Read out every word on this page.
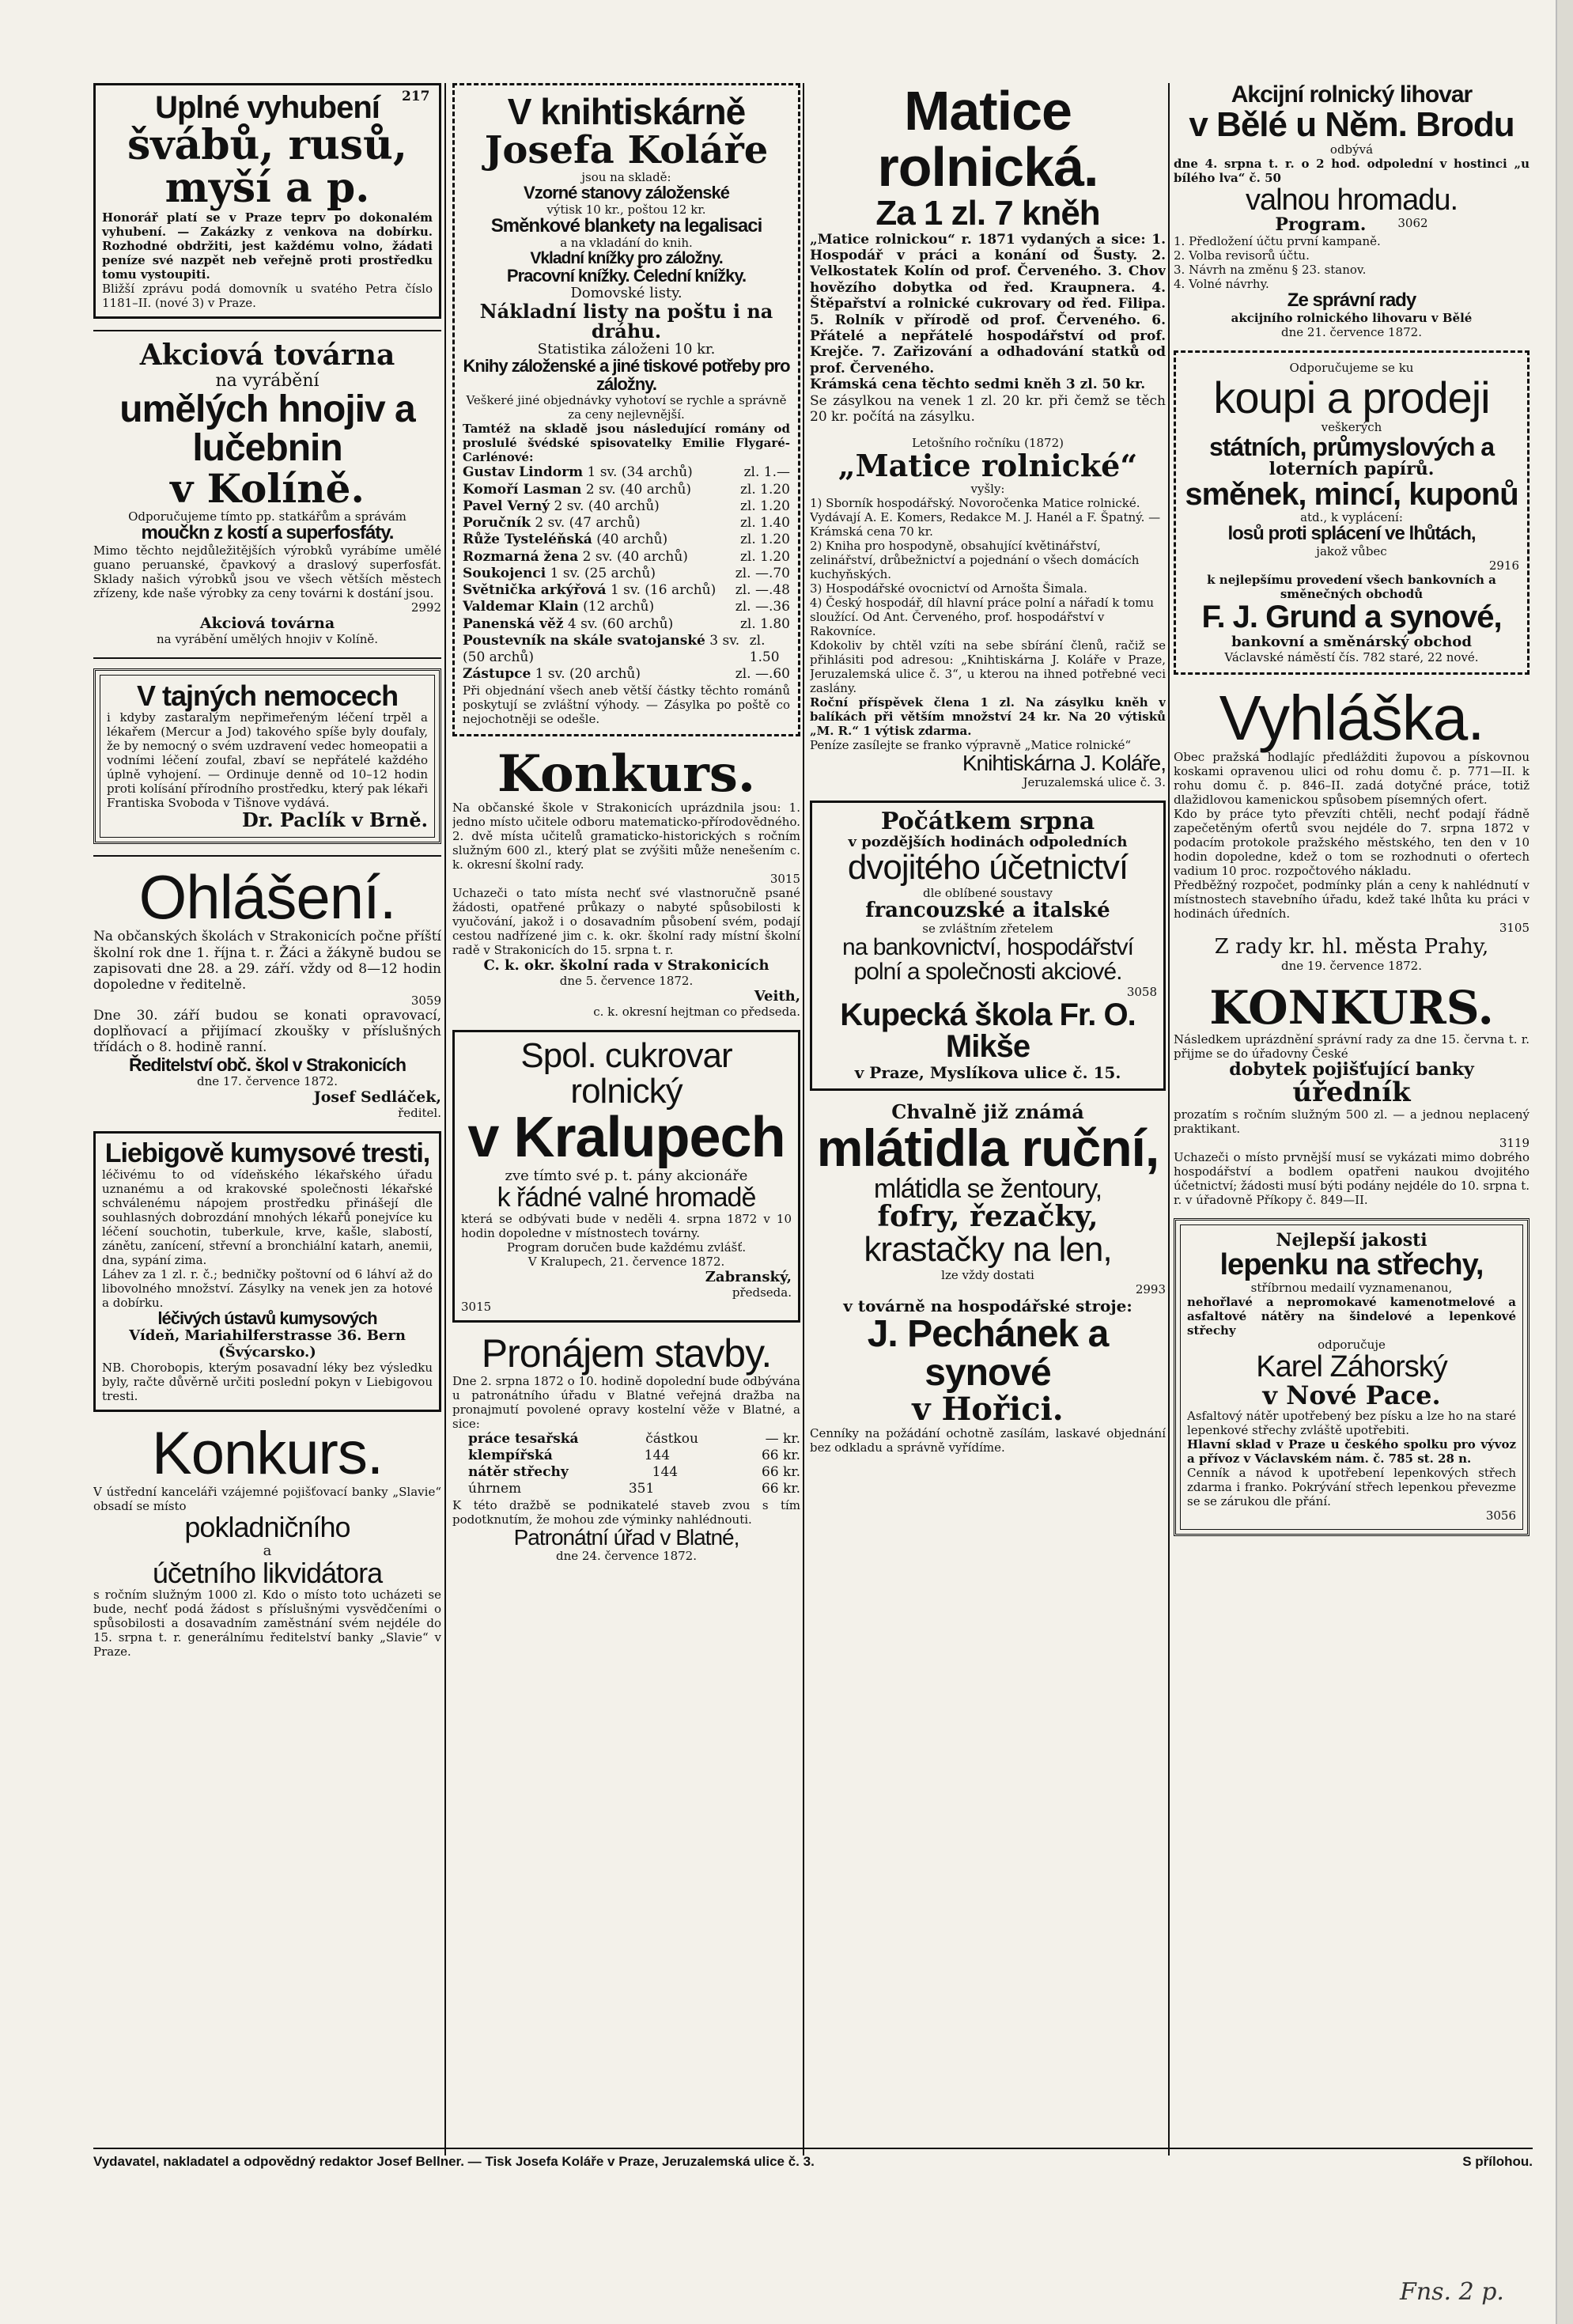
217
Uplné vyhubení
švábů, rusů,
myší a p.
Honorář platí se v Praze teprv po dokonalém vyhubení. — Zakázky z venkova na dobírku. Rozhodné obdržiti, jest každému volno, žádati peníze své nazpět neb veřejně proti prostředku tomu vystoupiti.
Bližší zprávu podá domovník u svatého Petra číslo 1181–II. (nové 3) v Praze.
Akciová továrna
na vyrábění
umělých hnojiv a lučebnin
v Kolíně.
Odporučujeme tímto pp. statkářům a správám
moučkn z kostí a superfosfáty.
Mimo těchto nejdůležitějších výrobků vyrábíme umělé guano peruanské, čpavkový a draslový superfosfát. Sklady našich výrobků jsou ve všech větších městech zřízeny, kde naše výrobky za ceny továrni k dostání jsou.
2992
Akciová továrna
na vyrábění umělých hnojiv v Kolíně.
V tajných nemocech
i kdyby zastaralým nepřimeřeným léčení trpěl a lékařem (Mercur a Jod) takového spíše byly doufaly, že by nemocný o svém uzdravení vedec homeopatii a vodními léčení zoufal, zbaví se nepřátelé každého úplně vyhojení. — Ordinuje denně od 10–12 hodin proti kolísání přírodního prostředku, který pak lékaři Frantiska Svoboda v Tišnove vydává.
Dr. Paclík v Brně.
Ohlášení.
Na občanských školách v Strakonicích počne příští školní rok dne 1. října t. r. Žáci a žákyně budou se zapisovati dne 28. a 29. září. vždy od 8—12 hodin dopoledne v ředitelně.
3059
Dne 30. září budou se konati opravovací, doplňovací a přijímací zkoušky v příslušných třídách o 8. hodině ranní.
Ředitelství obč. škol v Strakonicích
dne 17. července 1872.
Josef Sedláček,
ředitel.
Liebigově kumysové tresti,
léčivému to od vídeňského lékařského úřadu uznanému a od krakovské společnosti lékařské schválenému nápojem prostředku přinášejí dle souhlasných dobrozdání mnohých lékařů ponejvíce ku léčení souchotin, tuberkule, krve, kašle, slabostí, zánětu, zanícení, střevní a bronchiální katarh, anemii, dna, sypání zima.
Láhev za 1 zl. r. č.; bedničky poštovní od 6 láhví až do libovolného množství. Zásylky na venek jen za hotové a dobírku.
léčivých ústavů kumysových
Vídeň, Mariahilferstrasse 36. Bern (Švýcarsko.)
NB. Chorobopis, kterým posavadní léky bez výsledku byly, račte důvěrně určiti poslední pokyn v Liebigovou tresti.
Konkurs.
V ústřední kanceláři vzájemné pojišťovací banky „Slavie“ obsadí se místo
pokladničního
a
účetního likvidátora
s ročním služným 1000 zl. Kdo o místo toto ucházeti se bude, nechť podá žádost s příslušnými vysvědčeními o spůsobilosti a dosavadním zaměstnání svém nejdéle do 15. srpna t. r. generálnímu ředitelství banky „Slavie“ v Praze.
V knihtiskárně
Josefa Koláře
jsou na skladě:
Vzorné stanovy záloženské
výtisk 10 kr., poštou 12 kr.
Směnkové blankety na legalisaci
a na vkladání do knih.
Vkladní knížky pro záložny.
Pracovní knížky. Čelední knížky.
Domovské listy.
Nákladní listy na poštu i na dráhu.
Statistika záloženi 10 kr.
Knihy záloženské a jiné tiskové potřeby pro záložny.
Veškeré jiné objednávky vyhotoví se rychle a správně za ceny nejlevnější.
Tamtéž na skladě jsou následující romány od proslulé švédské spisovatelky Emilie Flygaré-Carlénové:
Gustav Lindorm 1 sv. (34 archů)	zl. 1.—
Komoří Lasman 2 sv. (40 archů)	zl. 1.20
Pavel Verný 2 sv. (40 archů)	zl. 1.20
Poručník 2 sv. (47 archů)	zl. 1.40
Růže Tysteléňská (40 archů)	zl. 1.20
Rozmarná žena 2 sv. (40 archů)	zl. 1.20
Soukojenci 1 sv. (25 archů)	zl. —.70
Světnička arkýřová 1 sv. (16 archů) zl. —.48
Valdemar Klain (12 archů)	zl. —.36
Panenská věž 4 sv. (60 archů)	zl. 1.80
Poustevník na skále svatojanské 3 sv. (50 archů)
zl. 1.50
Zástupce 1 sv. (20 archů)	zl. —.60
Při objednání všech aneb větší částky těchto románů poskytují se zvláštní výhody. — Zásylka po poště co nejochotněji se odešle.
Konkurs.
Na občanské škole v Strakonicích uprázdnila jsou: 1. jedno místo učitele odboru matematicko-přírodovědného. 2. dvě místa učitelů gramaticko-historických s ročním služným 600 zl., který plat se zvýšiti může nenešením c. k. okresní školní rady.
3015
Uchazeči o tato místa nechť své vlastnoručně psané žádosti, opatřené průkazy o nabyté spůsobilosti k vyučování, jakož i o dosavadním působení svém, podají cestou nadřízené jim c. k. okr. školní rady místní školní radě v Strakonicích do 15. srpna t. r.
C. k. okr. školní rada v Strakonicích
dne 5. července 1872.
Veith,
c. k. okresní hejtman co předseda.
Spol. cukrovar rolnický
v Kralupech
zve tímto své p. t. pány akcionáře
k řádné valné hromadě
která se odbývati bude v neděli 4. srpna 1872 v 10 hodin dopoledne v místnostech továrny.
Program doručen bude každému zvlášť.
V Kralupech, 21. července 1872.
Zabranský,
předseda.
3015
Pronájem stavby.
Dne 2. srpna 1872 o 10. hodině dopolední bude odbývána u patronátního úřadu v Blatné veřejná dražba na pronajmutí povolené opravy kostelní věže v Blatné, a sice:
práce tesařská	částkou	— kr.
klempířská	144	66 kr.
nátěr střechy	144	66 kr.
úhrnem	351	66 kr.
K této dražbě se podnikatelé staveb zvou s tím podotknutím, že mohou zde výminky nahlédnouti.
Patronátní úřad v Blatné,
dne 24. července 1872.
Matice rolnická.
Za 1 zl. 7 kněh
„Matice rolnickou“ r. 1871 vydaných a sice: 1. Hospodář v práci a konání od Šusty. 2. Velkostatek Kolín od prof. Červeného. 3. Chov hovězího dobytka od řed. Kraupnera. 4. Štěpařství a rolnické cukrovary od řed. Filipa. 5. Rolník v přírodě od prof. Červeného. 6. Přátelé a nepřátelé hospodářství od prof. Krejče. 7. Zařizování a odhadování statků od prof. Červeného.
Krámská cena těchto sedmi kněh 3 zl. 50 kr.
Se zásylkou na venek 1 zl. 20 kr. při čemž se těch 20 kr. počítá na zásylku.
Letošního ročníku (1872)
„Matice rolnické“
vyšly:
1) Sborník hospodářský. Novoročenka Matice rolnické. Vydávají A. E. Komers, Redakce M. J. Hanél a F. Špatný. — Krámská cena 70 kr.
2) Kniha pro hospodyně, obsahující květinářství, zelinářství, drůbežnictví a pojednání o všech domácích kuchyňských.
3) Hospodářské ovocnictví od Arnošta Šimala.
4) Český hospodář, díl hlavní práce polní a nářadí k tomu sloužící. Od Ant. Červeného, prof. hospodářství v Rakovníce.
Kdokoliv by chtěl vzíti na sebe sbírání členů, račiž se přihlásiti pod adresou: „Knihtiskárna J. Koláře v Praze, Jeruzalemská ulice č. 3“, u kterou na ihned potřebné veci zaslány.
Roční příspěvek člena 1 zl. Na zásylku kněh v balíkách při větším množství 24 kr. Na 20 výtisků „M. R.“ 1 výtisk zdarma.
Peníze zasílejte se franko výpravně „Matice rolnické“
Knihtiskárna J. Koláře,
Jeruzalemská ulice č. 3.
Počátkem srpna
v pozdějších hodinách odpoledních
dvojitého účetnictví
dle oblíbené soustavy
francouzské a italské
se zvláštním zřetelem
na bankovnictví, hospodářství polní a společnosti akciové.
3058
Kupecká škola Fr. O. Mikše
v Praze, Myslíkova ulice č. 15.
Chvalně již známá
mlátidla ruční,
mlátidla se žentoury,
fofry, řezačky,
krastačky na len,
lze vždy dostati
2993
v továrně na hospodářské stroje:
J. Pechánek a synové
v Hořici.
Cenníky na požádání ochotně zasílám, laskavé objednání bez odkladu a správně vyřídíme.
Akcijní rolnický lihovar
v Bělé u Něm. Brodu
odbývá
dne 4. srpna t. r. o 2 hod. odpolední v hostinci „u bílého lva“ č. 50
valnou hromadu.
Program.	3062
1. Předložení účtu první kampaně.
2. Volba revisorů účtu.
3. Návrh na změnu § 23. stanov.
4. Volné návrhy.
Ze správní rady
akcijního rolnického lihovaru v Bělé
dne 21. července 1872.
Odporučujeme se ku
koupi a prodeji
veškerých
státních, průmyslových a
loterních papírů.
směnek, mincí, kuponů
atd., k vyplácení:
losů proti splácení ve lhůtách,
jakož vůbec
2916
k nejlepšímu provedení všech bankovních a směnečných obchodů
F. J. Grund a synové,
bankovní a směnárský obchod
Václavské náměstí čís. 782 staré, 22 nové.
Vyhláška.
Obec pražská hodlajíc předlážditi župovou a pískovnou koskami opravenou ulici od rohu domu č. p. 771—II. k rohu domu č. p. 846–II. zadá dotyčné práce, totiž dlažidlovou kamenickou spůsobem písemných ofert.
Kdo by práce tyto převzíti chtěli, nechť podají řádně zapečetěným ofertů svou nejdéle do 7. srpna 1872 v podacím protokole pražského městského, ten den v 10 hodin dopoledne, kdež o tom se rozhodnuti o ofertech vadium 10 proc. rozpočtového nákladu.
Předběžný rozpočet, podmínky plán a ceny k nahlédnutí v místnostech stavebního úřadu, kdež také lhůta ku práci v hodinách úředních.
3105
Z rady kr. hl. města Prahy,
dne 19. července 1872.
KONKURS.
Následkem uprázdnění správní rady za dne 15. června t. r. přijme se do úřadovny České
dobytek pojišťující banky
úředník
prozatím s ročním služným 500 zl. — a jednou neplacený praktikant.
3119
Uchazeči o místo prvnější musí se vykázati mimo dobrého hospodářství a bodlem opatřeni naukou dvojitého účetnictví; žádosti musí býti podány nejdéle do 10. srpna t. r. v úřadovně Příkopy č. 849—II.
Nejlepší jakosti
lepenku na střechy,
stříbrnou medailí vyznamenanou,
nehořlavé a nepromokavé kamenotmelové a asfaltové nátěry na šindelové a lepenkové střechy
odporučuje
Karel Záhorský
v Nové Pace.
Asfaltový nátěr upotřebený bez písku a lze ho na staré lepenkové střechy zvláště upotřebiti.
Hlavní sklad v Praze u českého spolku pro vývoz a přívoz v Václavském nám. č. 785 st. 28 n.
Cenník a návod k upotřebení lepenkových střech zdarma i franko. Pokrývání střech lepenkou převezme se se zárukou dle přání.
3056
Vydavatel, nakladatel a odpovědný redaktor Josef Bellner. — Tisk Josefa Koláře v Praze, Jeruzalemská ulice č. 3.	S přílohou.
Fns. 2 p.
